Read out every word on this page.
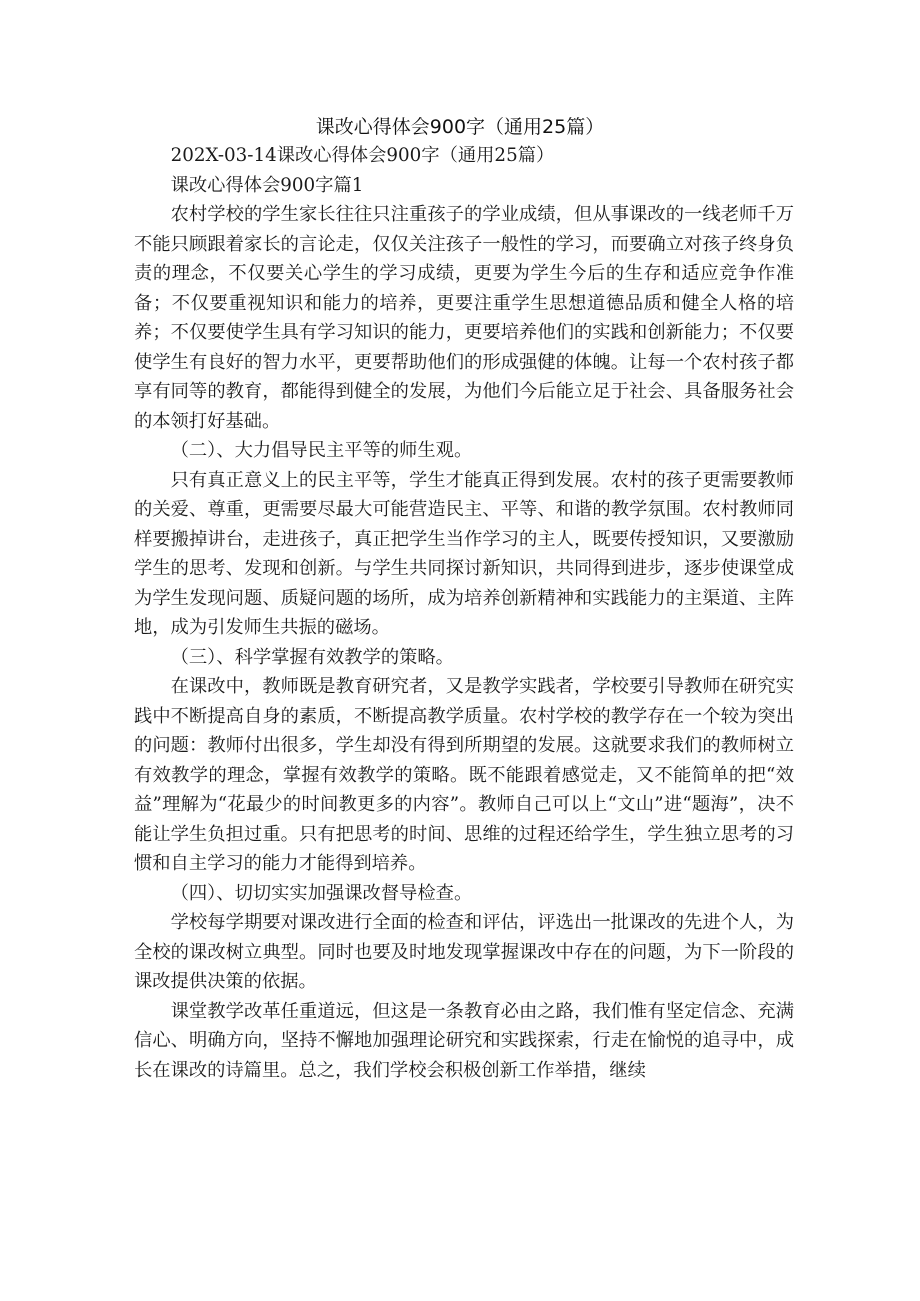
课改心得体会900字（通用25篇）

202X-03-14课改心得体会900字（通用25篇）

课改心得体会900字篇1

农村学校的学生家长往往只注重孩子的学业成绩，但从事课改的一线老师千万不能只顾跟着家长的言论走，仅仅关注孩子一般性的学习，而要确立对孩子终身负责的理念，不仅要关心学生的学习成绩，更要为学生今后的生存和适应竞争作准备；不仅要重视知识和能力的培养，更要注重学生思想道德品质和健全人格的培养；不仅要使学生具有学习知识的能力，更要培养他们的实践和创新能力；不仅要使学生有良好的智力水平，更要帮助他们的形成强健的体魄。让每一个农村孩子都享有同等的教育，都能得到健全的发展，为他们今后能立足于社会、具备服务社会的本领打好基础。

（二）、大力倡导民主平等的师生观。

只有真正意义上的民主平等，学生才能真正得到发展。农村的孩子更需要教师的关爱、尊重，更需要尽最大可能营造民主、平等、和谐的教学氛围。农村教师同样要搬掉讲台，走进孩子，真正把学生当作学习的主人，既要传授知识，又要激励学生的思考、发现和创新。与学生共同探讨新知识，共同得到进步，逐步使课堂成为学生发现问题、质疑问题的场所，成为培养创新精神和实践能力的主渠道、主阵地，成为引发师生共振的磁场。

（三）、科学掌握有效教学的策略。

在课改中，教师既是教育研究者，又是教学实践者，学校要引导教师在研究实践中不断提高自身的素质，不断提高教学质量。农村学校的教学存在一个较为突出的问题：教师付出很多，学生却没有得到所期望的发展。这就要求我们的教师树立有效教学的理念，掌握有效教学的策略。既不能跟着感觉走，又不能简单的把“效益”理解为“花最少的时间教更多的内容”。教师自己可以上“文山”进“题海”，决不能让学生负担过重。只有把思考的时间、思维的过程还给学生，学生独立思考的习惯和自主学习的能力才能得到培养。

（四）、切切实实加强课改督导检查。

学校每学期要对课改进行全面的检查和评估，评选出一批课改的先进个人，为全校的课改树立典型。同时也要及时地发现掌握课改中存在的问题，为下一阶段的课改提供决策的依据。

课堂教学改革任重道远，但这是一条教育必由之路，我们惟有坚定信念、充满信心、明确方向，坚持不懈地加强理论研究和实践探索，行走在愉悦的追寻中，成长在课改的诗篇里。总之，我们学校会积极创新工作举措，继续
